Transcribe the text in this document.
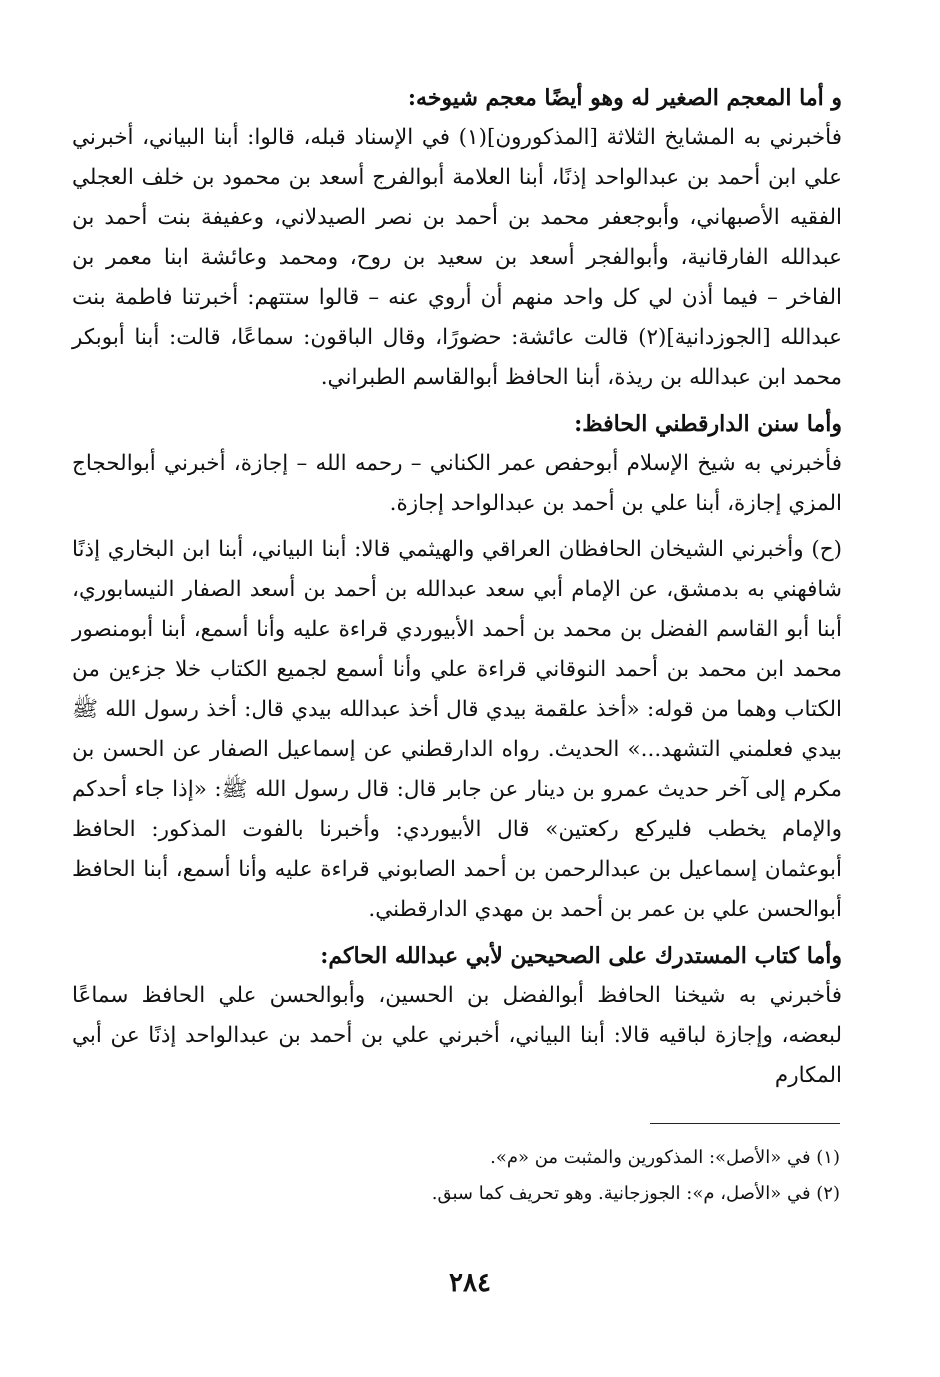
و أما المعجم الصغير له وهو أيضًا معجم شيوخه:
فأخبرني به المشايخ الثلاثة [المذكورون](١) في الإسناد قبله، قالوا: أبنا البياني، أخبرني علي ابن أحمد بن عبدالواحد إذنًا، أبنا العلامة أبوالفرج أسعد بن محمود بن خلف العجلي الفقيه الأصبهاني، وأبوجعفر محمد بن أحمد بن نصر الصيدلاني، وعفيفة بنت أحمد بن عبدالله الفارقانية، وأبوالفجر أسعد بن سعيد بن روح، ومحمد وعائشة ابنا معمر بن الفاخر – فيما أذن لي كل واحد منهم أن أروي عنه – قالوا ستتهم: أخبرتنا فاطمة بنت عبدالله [الجوزدانية](٢) قالت عائشة: حضورًا، وقال الباقون: سماعًا، قالت: أبنا أبوبكر محمد ابن عبدالله بن ريذة، أبنا الحافظ أبوالقاسم الطبراني.
وأما سنن الدارقطني الحافظ:
فأخبرني به شيخ الإسلام أبوحفص عمر الكناني – رحمه الله – إجازة، أخبرني أبوالحجاج المزي إجازة، أبنا علي بن أحمد بن عبدالواحد إجازة.
(ح) وأخبرني الشيخان الحافظان العراقي والهيثمي قالا: أبنا البياني، أبنا ابن البخاري إذنًا شافهني به بدمشق، عن الإمام أبي سعد عبدالله بن أحمد بن أسعد الصفار النيسابوري، أبنا أبو القاسم الفضل بن محمد بن أحمد الأبيوردي قراءة عليه وأنا أسمع، أبنا أبومنصور محمد ابن محمد بن أحمد النوقاني قراءة علي وأنا أسمع لجميع الكتاب خلا جزءين من الكتاب وهما من قوله: «أخذ علقمة بيدي قال أخذ عبدالله بيدي قال: أخذ رسول الله ﷺ بيدي فعلمني التشهد...» الحديث. رواه الدارقطني عن إسماعيل الصفار عن الحسن بن مكرم إلى آخر حديث عمرو بن دينار عن جابر قال: قال رسول الله ﷺ: «إذا جاء أحدكم والإمام يخطب فليركع ركعتين» قال الأبيوردي: وأخبرنا بالفوت المذكور: الحافظ أبوعثمان إسماعيل بن عبدالرحمن بن أحمد الصابوني قراءة عليه وأنا أسمع، أبنا الحافظ أبوالحسن علي بن عمر بن أحمد بن مهدي الدارقطني.
وأما كتاب المستدرك على الصحيحين لأبي عبدالله الحاكم:
فأخبرني به شيخنا الحافظ أبوالفضل بن الحسين، وأبوالحسن علي الحافظ سماعًا لبعضه، وإجازة لباقيه قالا: أبنا البياني، أخبرني علي بن أحمد بن عبدالواحد إذنًا عن أبي المكارم

(١) في «الأصل»: المذكورين والمثبت من «م».

(٢) في «الأصل، م»: الجوزجانية. وهو تحريف كما سبق.

٢٨٤
